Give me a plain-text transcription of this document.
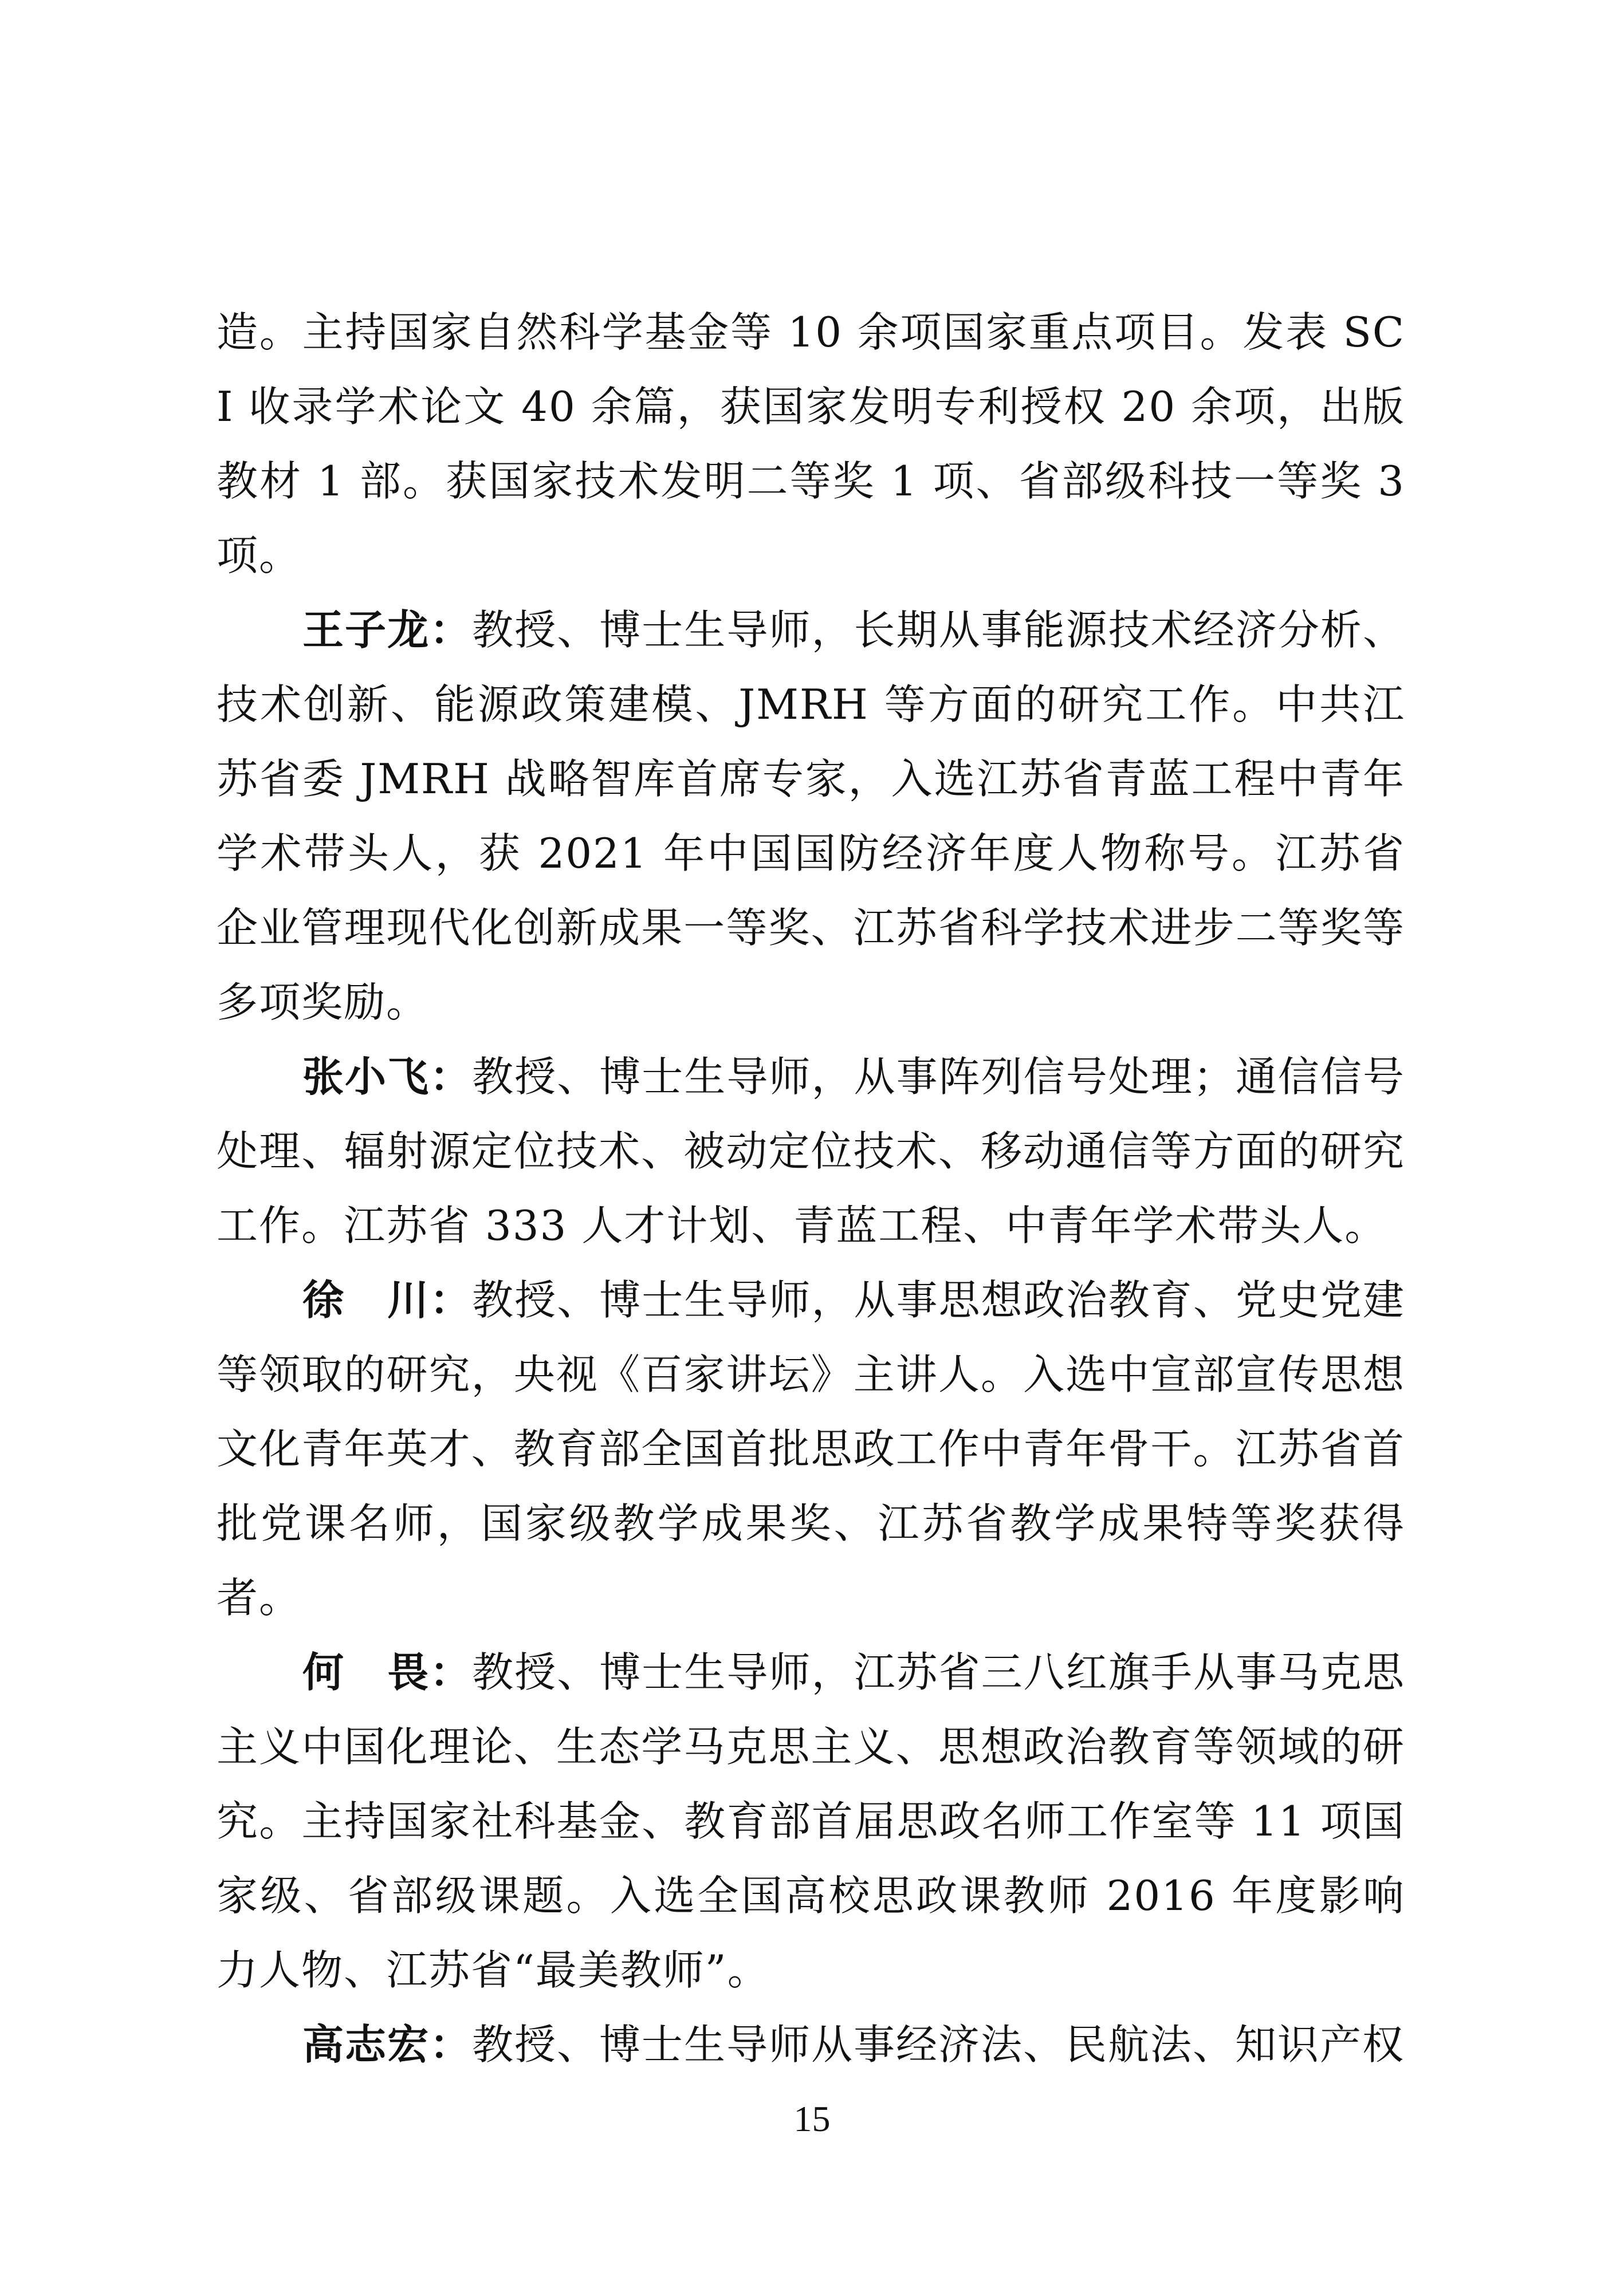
造。主持国家自然科学基金等 10 余项国家重点项目。发表 SCI 收录学术论文 40 余篇，获国家发明专利授权 20 余项，出版教材 1 部。获国家技术发明二等奖 1 项、省部级科技一等奖 3 项。

王子龙：教授、博士生导师，长期从事能源技术经济分析、技术创新、能源政策建模、JMRH 等方面的研究工作。中共江苏省委 JMRH 战略智库首席专家，入选江苏省青蓝工程中青年学术带头人，获 2021 年中国国防经济年度人物称号。江苏省企业管理现代化创新成果一等奖、江苏省科学技术进步二等奖等多项奖励。

张小飞：教授、博士生导师，从事阵列信号处理；通信信号处理、辐射源定位技术、被动定位技术、移动通信等方面的研究工作。江苏省 333 人才计划、青蓝工程、中青年学术带头人。

徐　川：教授、博士生导师，从事思想政治教育、党史党建等领取的研究，央视《百家讲坛》主讲人。入选中宣部宣传思想文化青年英才、教育部全国首批思政工作中青年骨干。江苏省首批党课名师，国家级教学成果奖、江苏省教学成果特等奖获得者。

何　畏：教授、博士生导师，江苏省三八红旗手从事马克思主义中国化理论、生态学马克思主义、思想政治教育等领域的研究。主持国家社科基金、教育部首届思政名师工作室等 11 项国家级、省部级课题。入选全国高校思政课教师 2016 年度影响力人物、江苏省“最美教师”。

高志宏：教授、博士生导师从事经济法、民航法、知识产权

15
